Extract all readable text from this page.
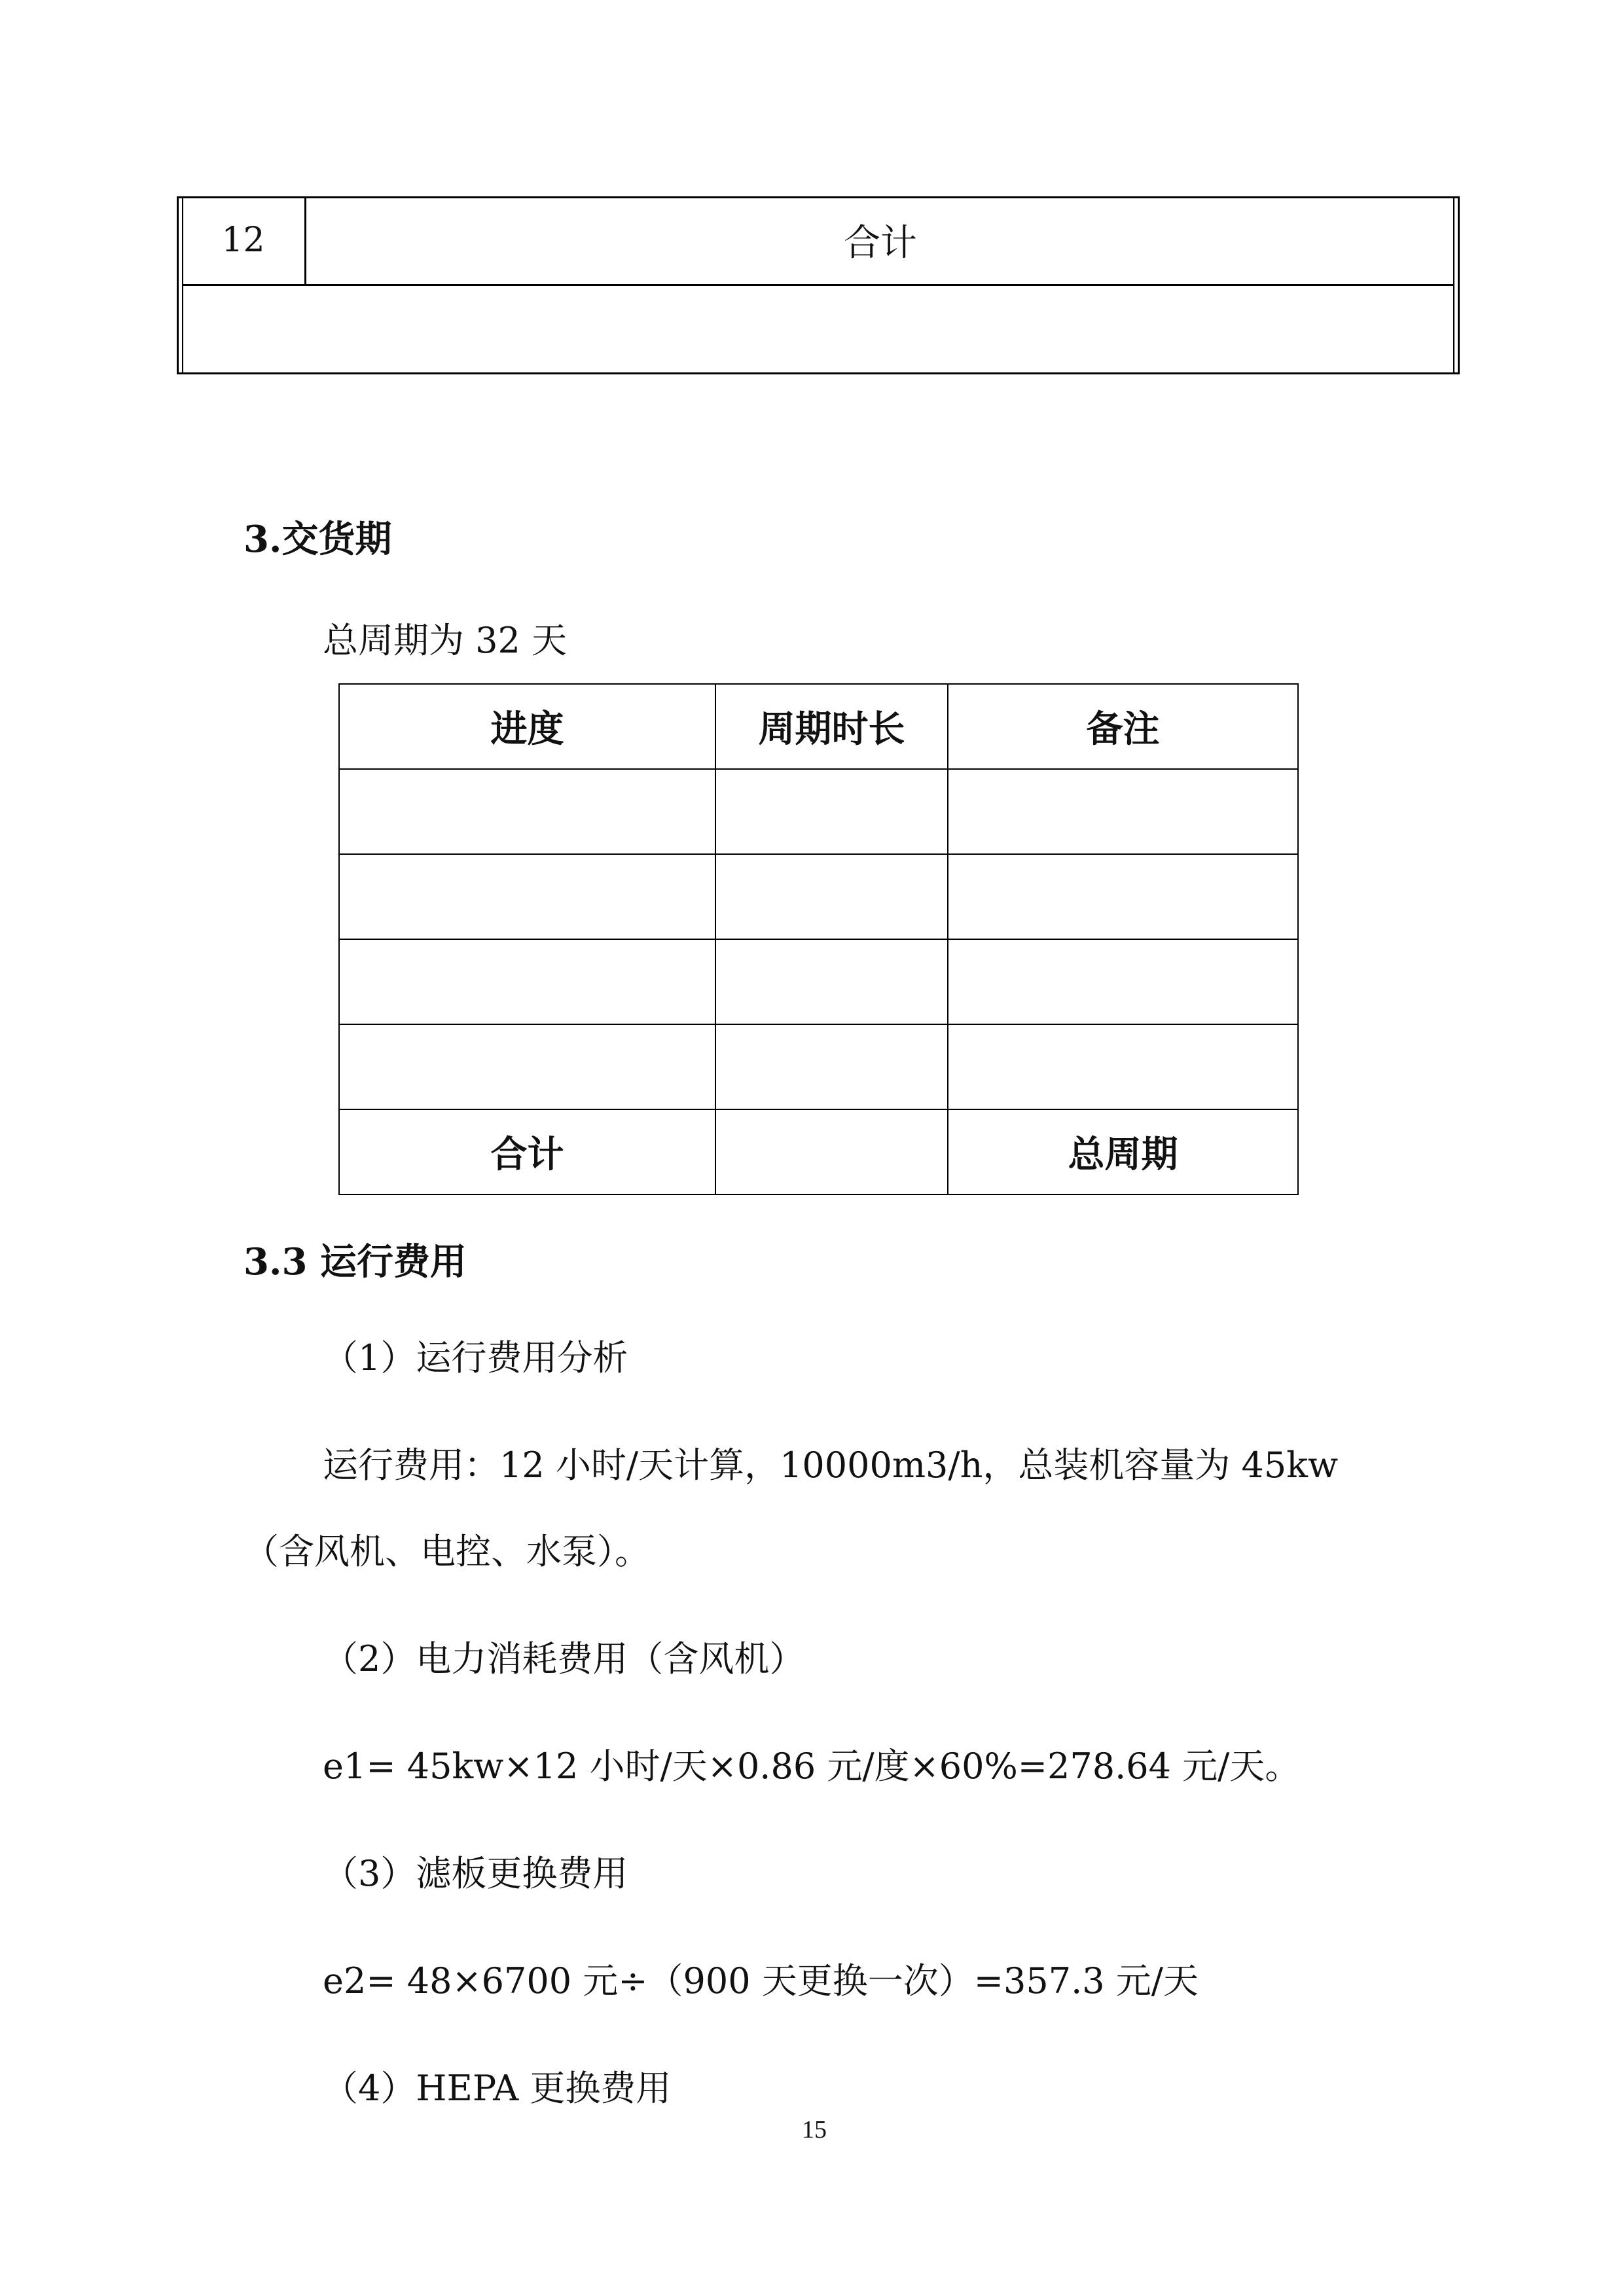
12	合计
3.交货期
总周期为 32 天
进度	周期时长	备注

合计		总周期
3.3 运行费用
（1）运行费用分析
运行费用：12 小时/天计算，10000m3/h，总装机容量为 45kw
（含风机、电控、水泵）。
（2）电力消耗费用（含风机）
e1= 45kw×12 小时/天×0.86 元/度×60%=278.64 元/天。
（3）滤板更换费用
e2= 48×6700 元÷（900 天更换一次）=357.3 元/天
（4）HEPA 更换费用
15
